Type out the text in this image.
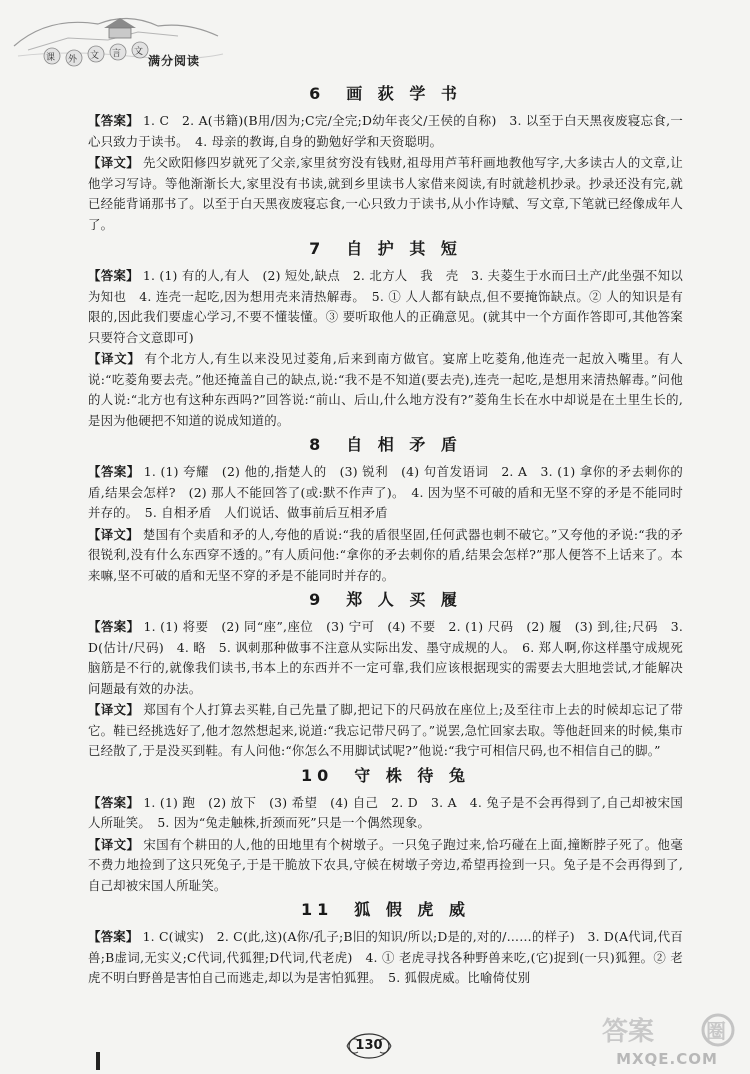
课 外 文 言 文
满分阅读
6　画 荻 学 书

【答案】 1. C　2. A(书籍)(B用/因为;C完/全完;D幼年丧父/王侯的自称)　3. 以至于白天黑夜废寝忘食,一心只致力于读书。　4. 母亲的教诲,自身的勤勉好学和天资聪明。

【译文】 先父欧阳修四岁就死了父亲,家里贫穷没有钱财,祖母用芦苇秆画地教他写字,大多读古人的文章,让他学习写诗。等他渐渐长大,家里没有书读,就到乡里读书人家借来阅读,有时就趁机抄录。抄录还没有完,就已经能背诵那书了。以至于白天黑夜废寝忘食,一心只致力于读书,从小作诗赋、写文章,下笔就已经像成年人了。

7　自 护 其 短

【答案】 1. (1) 有的人,有人　(2) 短处,缺点　2. 北方人　我　壳　3. 夫菱生于水而曰土产/此坐强不知以为知也　4. 连壳一起吃,因为想用壳来清热解毒。　5. ① 人人都有缺点,但不要掩饰缺点。② 人的知识是有限的,因此我们要虚心学习,不要不懂装懂。③ 要听取他人的正确意见。(就其中一个方面作答即可,其他答案只要符合文意即可)

【译文】 有个北方人,有生以来没见过菱角,后来到南方做官。宴席上吃菱角,他连壳一起放入嘴里。有人说:“吃菱角要去壳。”他还掩盖自己的缺点,说:“我不是不知道(要去壳),连壳一起吃,是想用来清热解毒。”问他的人说:“北方也有这种东西吗?”回答说:“前山、后山,什么地方没有?”菱角生长在水中却说是在土里生长的,是因为他硬把不知道的说成知道的。

8　自 相 矛 盾

【答案】 1. (1) 夸耀　(2) 他的,指楚人的　(3) 锐利　(4) 句首发语词　2. A　3. (1) 拿你的矛去刺你的盾,结果会怎样?　(2) 那人不能回答了(或:默不作声了)。　4. 因为坚不可破的盾和无坚不穿的矛是不能同时并存的。　5. 自相矛盾　人们说话、做事前后互相矛盾

【译文】 楚国有个卖盾和矛的人,夸他的盾说:“我的盾很坚固,任何武器也刺不破它。”又夸他的矛说:“我的矛很锐利,没有什么东西穿不透的。”有人质问他:“拿你的矛去刺你的盾,结果会怎样?”那人便答不上话来了。本来嘛,坚不可破的盾和无坚不穿的矛是不能同时并存的。

9　郑 人 买 履

【答案】 1. (1) 将要　(2) 同“座”,座位　(3) 宁可　(4) 不要　2. (1) 尺码　(2) 履　(3) 到,往;尺码　3. D(估计/尺码)　4. 略　5. 讽刺那种做事不注意从实际出发、墨守成规的人。　6. 郑人啊,你这样墨守成规死脑筋是不行的,就像我们读书,书本上的东西并不一定可靠,我们应该根据现实的需要去大胆地尝试,才能解决问题最有效的办法。

【译文】 郑国有个人打算去买鞋,自己先量了脚,把记下的尺码放在座位上;及至往市上去的时候却忘记了带它。鞋已经挑选好了,他才忽然想起来,说道:“我忘记带尺码了。”说罢,急忙回家去取。等他赶回来的时候,集市已经散了,于是没买到鞋。有人问他:“你怎么不用脚试试呢?”他说:“我宁可相信尺码,也不相信自己的脚。”

10　守 株 待 兔

【答案】 1. (1) 跑　(2) 放下　(3) 希望　(4) 自己　2. D　3. A　4. 兔子是不会再得到了,自己却被宋国人所耻笑。　5. 因为“兔走触株,折颈而死”只是一个偶然现象。

【译文】 宋国有个耕田的人,他的田地里有个树墩子。一只兔子跑过来,恰巧碰在上面,撞断脖子死了。他毫不费力地捡到了这只死兔子,于是干脆放下农具,守候在树墩子旁边,希望再捡到一只。兔子是不会再得到了,自己却被宋国人所耻笑。

11　狐 假 虎 威

【答案】 1. C(诚实)　2. C(此,这)(A你/孔子;B旧的知识/所以;D是的,对的/……的样子)　3. D(A代词,代百兽;B虚词,无实义;C代词,代狐狸;D代词,代老虎)　4. ① 老虎寻找各种野兽来吃,(它)捉到(一只)狐狸。② 老虎不明白野兽是害怕自己而逃走,却以为是害怕狐狸。　5. 狐假虎威。比喻倚仗别

130	答案	圈
MXQE.COM
